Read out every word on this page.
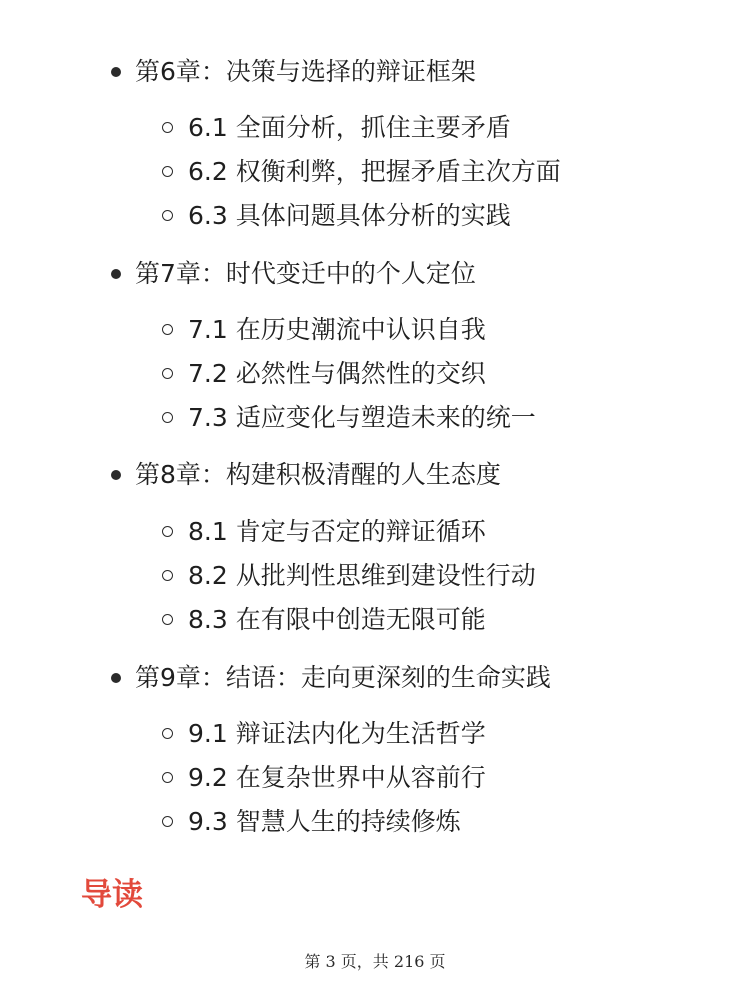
第6章：决策与选择的辩证框架
6.1 全面分析，抓住主要矛盾
6.2 权衡利弊，把握矛盾主次方面
6.3 具体问题具体分析的实践
第7章：时代变迁中的个人定位
7.1 在历史潮流中认识自我
7.2 必然性与偶然性的交织
7.3 适应变化与塑造未来的统一
第8章：构建积极清醒的人生态度
8.1 肯定与否定的辩证循环
8.2 从批判性思维到建设性行动
8.3 在有限中创造无限可能
第9章：结语：走向更深刻的生命实践
9.1 辩证法内化为生活哲学
9.2 在复杂世界中从容前行
9.3 智慧人生的持续修炼
导读
第 3 页，共 216 页
